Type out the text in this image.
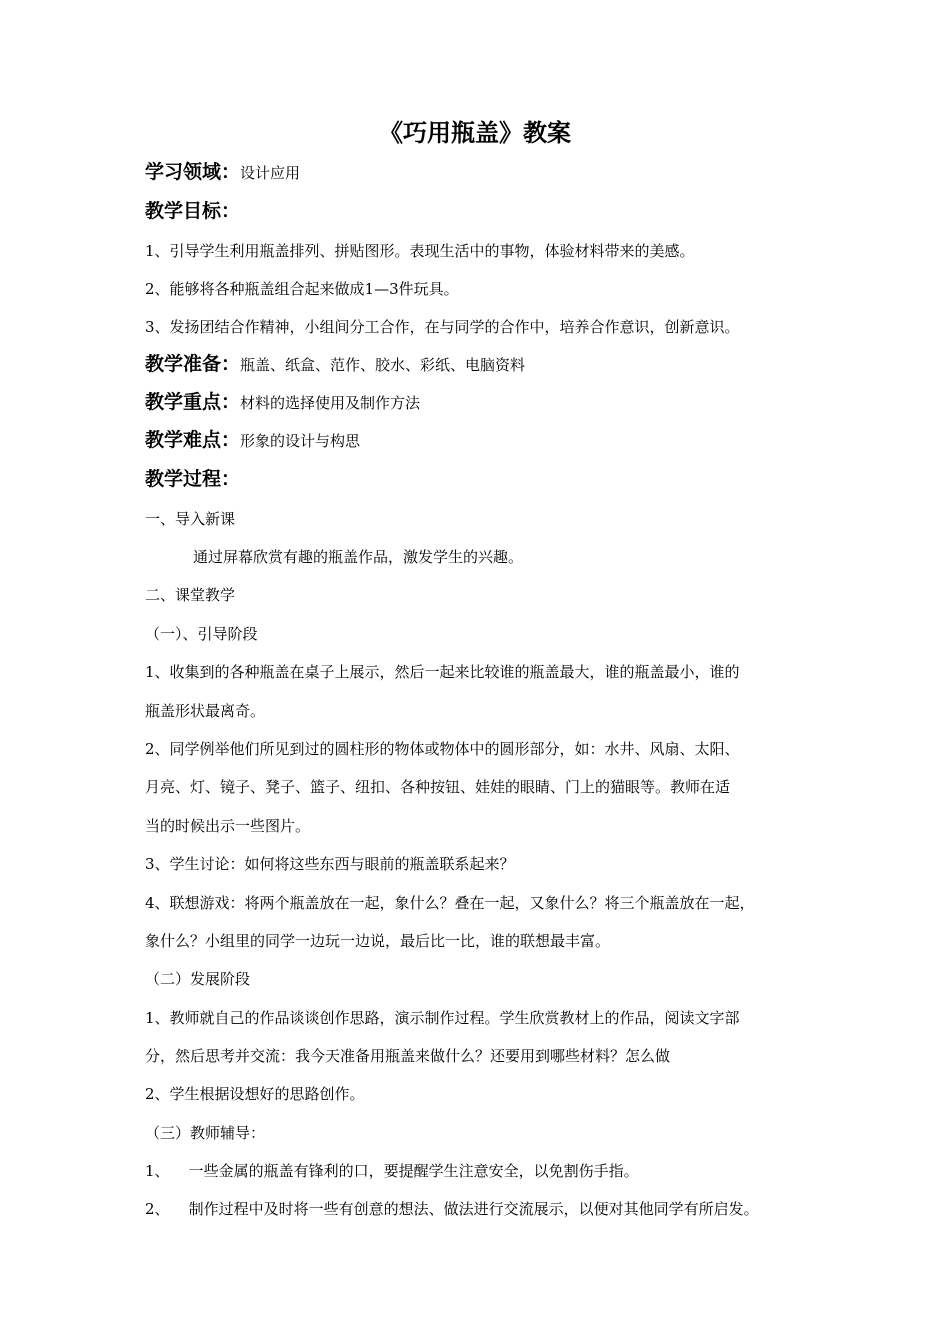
《巧用瓶盖》教案
学习领域：设计应用
教学目标：
1、引导学生利用瓶盖排列、拼贴图形。表现生活中的事物，体验材料带来的美感。
2、能够将各种瓶盖组合起来做成1—3件玩具。
3、发扬团结合作精神，小组间分工合作，在与同学的合作中，培养合作意识，创新意识。
教学准备：瓶盖、纸盒、范作、胶水、彩纸、电脑资料
教学重点：材料的选择使用及制作方法
教学难点：形象的设计与构思
教学过程：
一、导入新课
通过屏幕欣赏有趣的瓶盖作品，激发学生的兴趣。
二、课堂教学
（一）、引导阶段
1、收集到的各种瓶盖在桌子上展示，然后一起来比较谁的瓶盖最大，谁的瓶盖最小，谁的
瓶盖形状最离奇。
2、同学例举他们所见到过的圆柱形的物体或物体中的圆形部分，如：水井、风扇、太阳、
月亮、灯、镜子、凳子、篮子、纽扣、各种按钮、娃娃的眼睛、门上的猫眼等。教师在适
当的时候出示一些图片。
3、学生讨论：如何将这些东西与眼前的瓶盖联系起来？
4、联想游戏：将两个瓶盖放在一起，象什么？叠在一起，又象什么？将三个瓶盖放在一起，
象什么？小组里的同学一边玩一边说，最后比一比，谁的联想最丰富。
（二）发展阶段
1、教师就自己的作品谈谈创作思路，演示制作过程。学生欣赏教材上的作品，阅读文字部
分，然后思考并交流：我今天准备用瓶盖来做什么？还要用到哪些材料？怎么做
2、学生根据设想好的思路创作。
（三）教师辅导：
1、    一些金属的瓶盖有锋利的口，要提醒学生注意安全，以免割伤手指。
2、    制作过程中及时将一些有创意的想法、做法进行交流展示，以便对其他同学有所启发。
